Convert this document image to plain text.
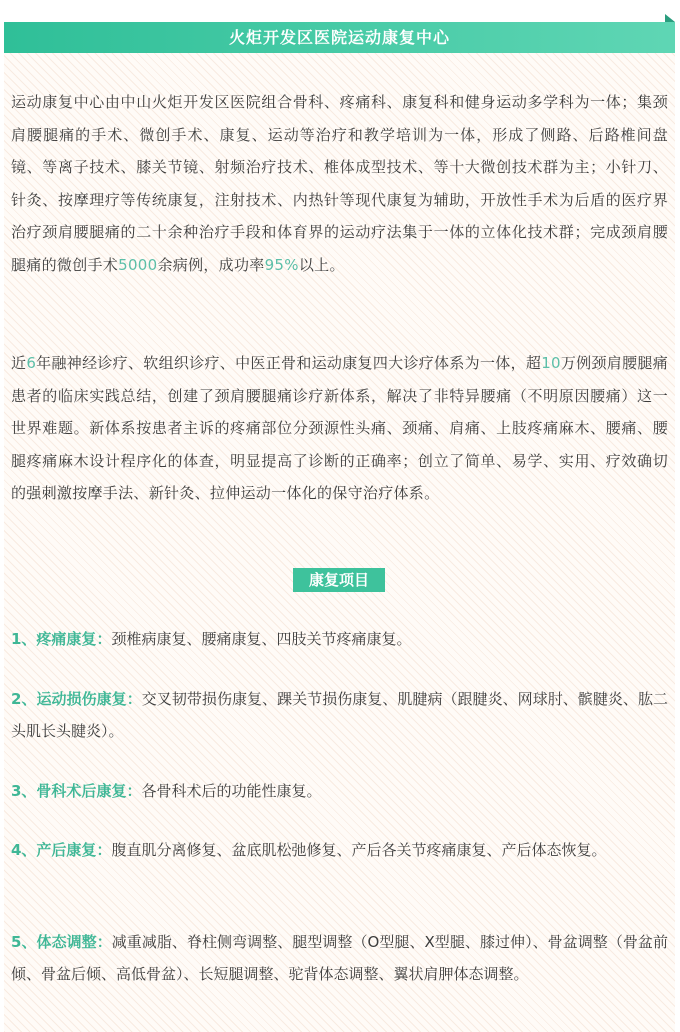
火炬开发区医院运动康复中心

运动康复中心由中山火炬开发区医院组合骨科、疼痛科、康复科和健身运动多学科为一体；集颈肩腰腿痛的手术、微创手术、康复、运动等治疗和教学培训为一体，形成了侧路、后路椎间盘镜、等离子技术、膝关节镜、射频治疗技术、椎体成型技术、等十大微创技术群为主；小针刀、针灸、按摩理疗等传统康复，注射技术、内热针等现代康复为辅助，开放性手术为后盾的医疗界治疗颈肩腰腿痛的二十余种治疗手段和体育界的运动疗法集于一体的立体化技术群；完成颈肩腰腿痛的微创手术5000余病例，成功率95%以上。

近6年融神经诊疗、软组织诊疗、中医正骨和运动康复四大诊疗体系为一体，超10万例颈肩腰腿痛患者的临床实践总结，创建了颈肩腰腿痛诊疗新体系，解决了非特异腰痛（不明原因腰痛）这一世界难题。新体系按患者主诉的疼痛部位分颈源性头痛、颈痛、肩痛、上肢疼痛麻木、腰痛、腰腿疼痛麻木设计程序化的体查，明显提高了诊断的正确率；创立了简单、易学、实用、疗效确切的强刺激按摩手法、新针灸、拉伸运动一体化的保守治疗体系。

康复项目

1、疼痛康复：颈椎病康复、腰痛康复、四肢关节疼痛康复。

2、运动损伤康复：交叉韧带损伤康复、踝关节损伤康复、肌腱病（跟腱炎、网球肘、髌腱炎、肱二头肌长头腱炎）。

3、骨科术后康复：各骨科术后的功能性康复。

4、产后康复：腹直肌分离修复、盆底肌松弛修复、产后各关节疼痛康复、产后体态恢复。

5、体态调整：减重减脂、脊柱侧弯调整、腿型调整（O型腿、X型腿、膝过伸）、骨盆调整（骨盆前倾、骨盆后倾、高低骨盆）、长短腿调整、驼背体态调整、翼状肩胛体态调整。
